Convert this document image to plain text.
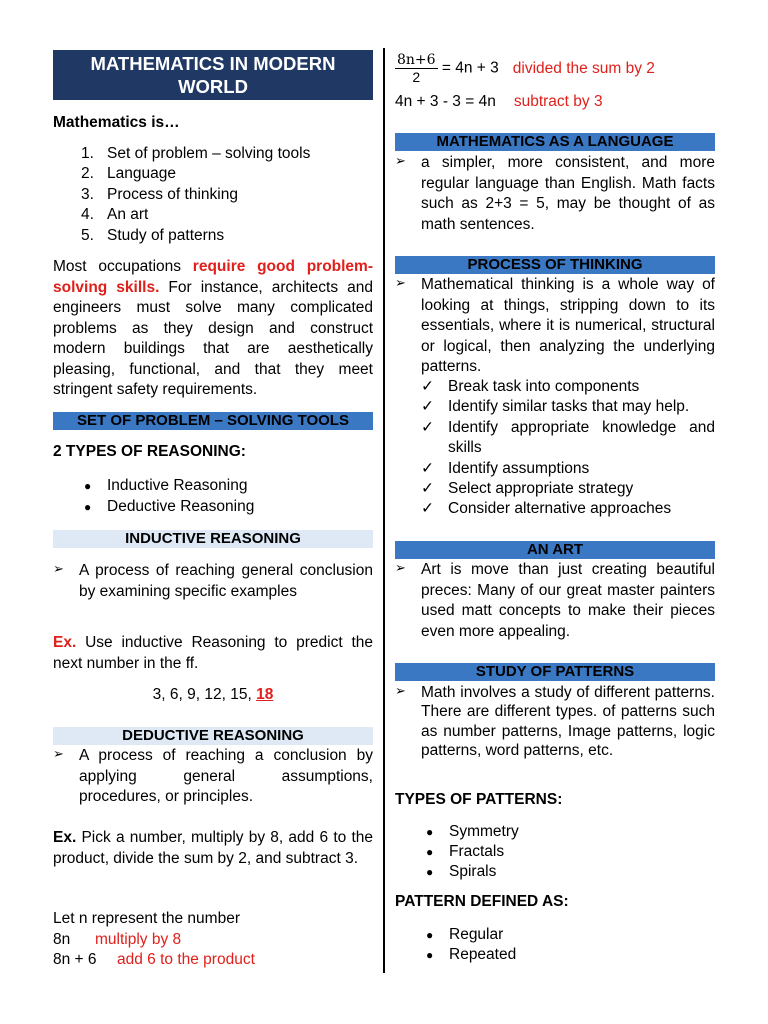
MATHEMATICS IN MODERN WORLD
Mathematics is…
1. Set of problem – solving tools
2. Language
3. Process of thinking
4. An art
5. Study of patterns
Most occupations require good problem-solving skills. For instance, architects and engineers must solve many complicated problems as they design and construct modern buildings that are aesthetically pleasing, functional, and that they meet stringent safety requirements.
SET OF PROBLEM – SOLVING TOOLS
2 TYPES OF REASONING:
● Inductive Reasoning
● Deductive Reasoning
INDUCTIVE REASONING
➢ A process of reaching general conclusion by examining specific examples
Ex. Use inductive Reasoning to predict the next number in the ff.
3, 6, 9, 12, 15, 18
DEDUCTIVE REASONING
➢ A process of reaching a conclusion by applying general assumptions, procedures, or principles.
Ex. Pick a number, multiply by 8, add 6 to the product, divide the sum by 2, and subtract 3.
Let n represent the number
8n multiply by 8
8n + 6 add 6 to the product
$\frac{8n+6}{2} = 4n + 3$ divided the sum by 2
4n + 3 - 3 = 4n subtract by 3
MATHEMATICS AS A LANGUAGE
➢ a simpler, more consistent, and more regular language than English. Math facts such as 2+3 = 5, may be thought of as math sentences.
PROCESS OF THINKING
➢ Mathematical thinking is a whole way of looking at things, stripping down to its essentials, where it is numerical, structural or logical, then analyzing the underlying patterns.
✓ Break task into components
✓ Identify similar tasks that may help.
✓ Identify appropriate knowledge and skills
✓ Identify assumptions
✓ Select appropriate strategy
✓ Consider alternative approaches
AN ART
➢ Art is move than just creating beautiful preces: Many of our great master painters used matt concepts to make their pieces even more appealing.
STUDY OF PATTERNS
➢ Math involves a study of different patterns. There are different types. of patterns such as number patterns, Image patterns, logic patterns, word patterns, etc.
TYPES OF PATTERNS:
● Symmetry
● Fractals
● Spirals
PATTERN DEFINED AS:
● Regular
● Repeated
